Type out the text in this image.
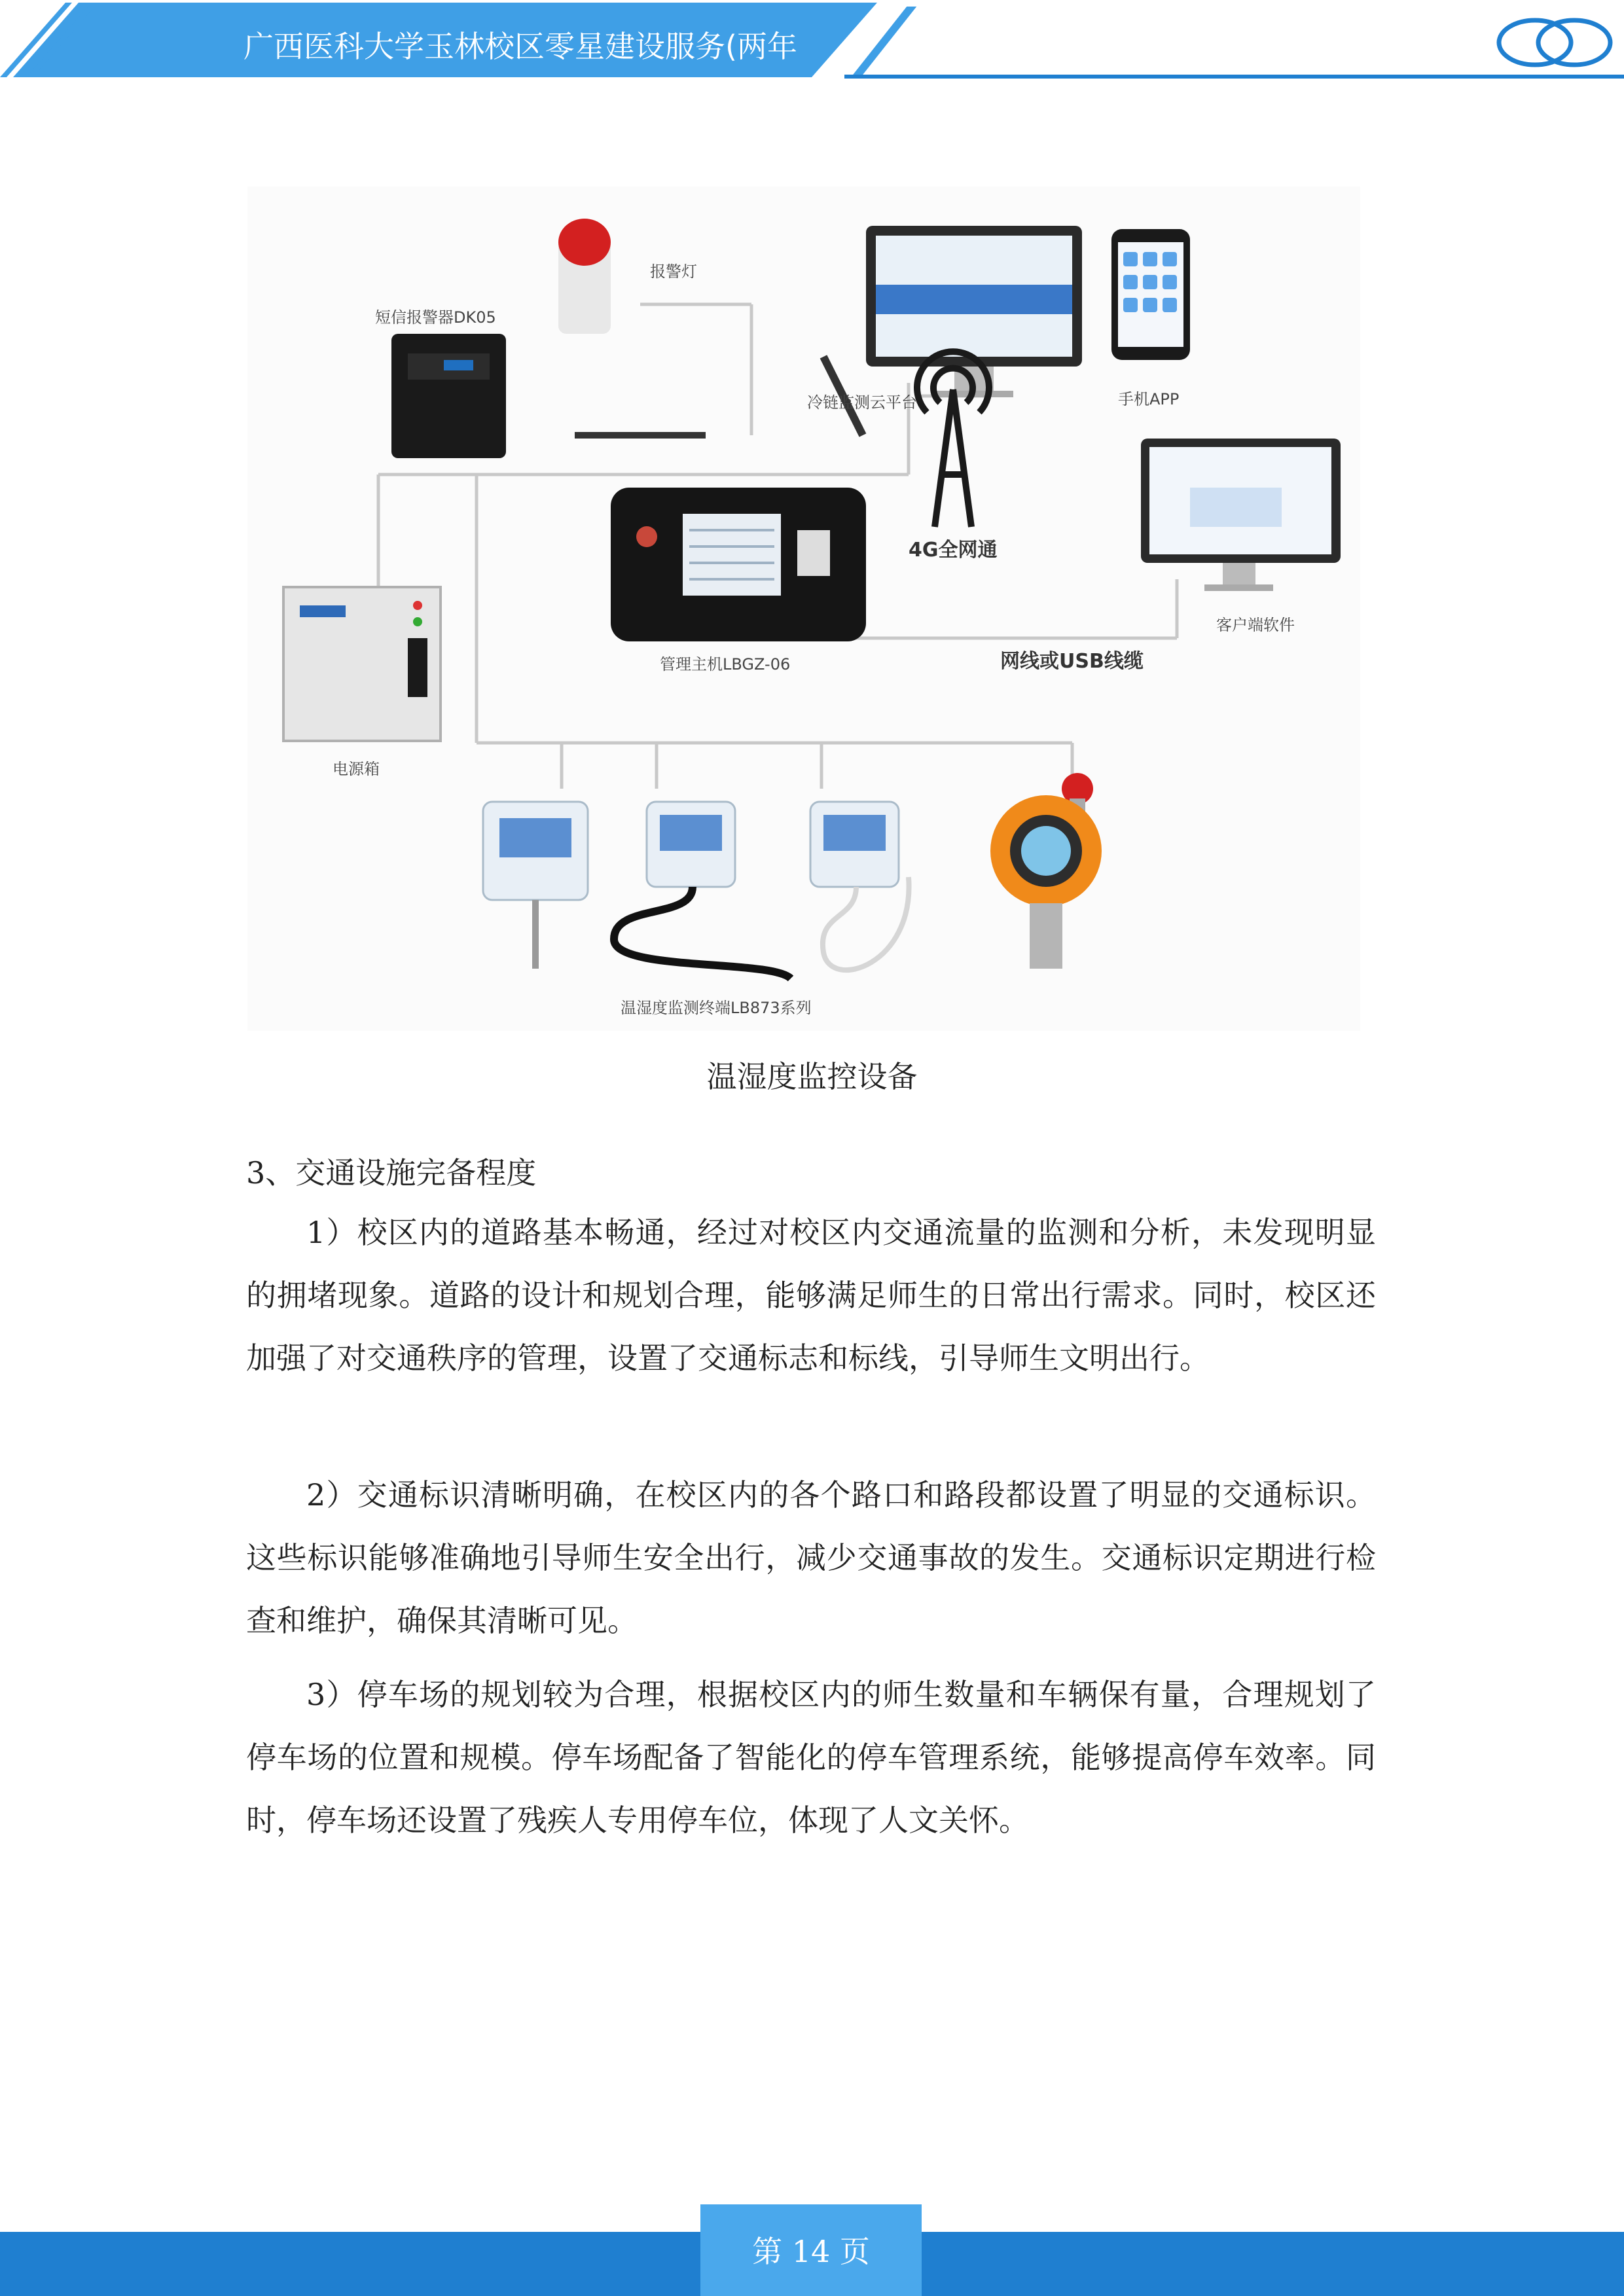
广西医科大学玉林校区零星建设服务(两年
报警灯
短信报警器DK05
冷链监测云平台	手机APP
4G全网通
管理主机LBGZ-06	网线或USB线缆
客户端软件
电源箱
温湿度监测终端LB873系列
温湿度监控设备
3、交通设施完备程度

1）校区内的道路基本畅通，经过对校区内交通流量的监测和分析，未发现明显的拥堵现象。道路的设计和规划合理，能够满足师生的日常出行需求。同时，校区还加强了对交通秩序的管理，设置了交通标志和标线，引导师生文明出行。

2）交通标识清晰明确，在校区内的各个路口和路段都设置了明显的交通标识。这些标识能够准确地引导师生安全出行，减少交通事故的发生。交通标识定期进行检查和维护，确保其清晰可见。

3）停车场的规划较为合理，根据校区内的师生数量和车辆保有量，合理规划了停车场的位置和规模。停车场配备了智能化的停车管理系统，能够提高停车效率。同时，停车场还设置了残疾人专用停车位，体现了人文关怀。

第 14 页
